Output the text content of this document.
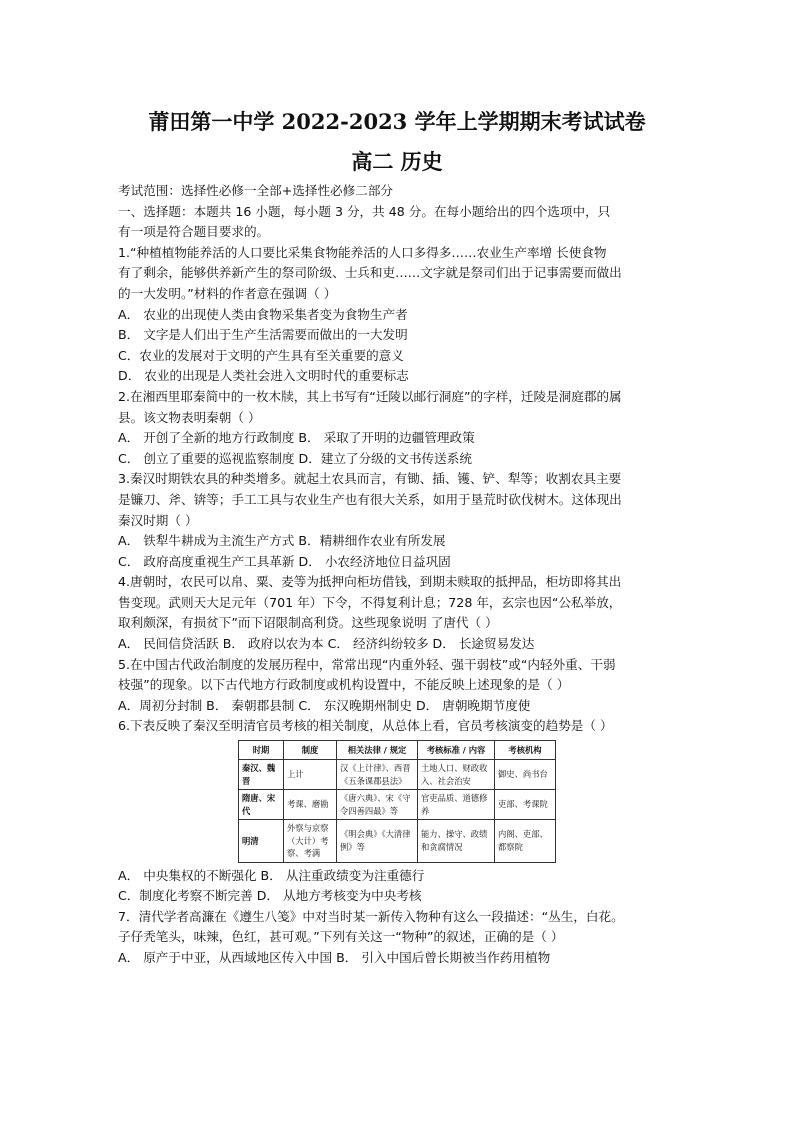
莆田第一中学 2022-2023 学年上学期期末考试试卷
高二 历史

考试范围：选择性必修一全部+选择性必修二部分

一、选择题：本题共 16 小题，每小题 3 分，共 48 分。在每小题给出的四个选项中，只

有一项是符合题目要求的。

1.“种植植物能养活的人口要比采集食物能养活的人口多得多……农业生产率增 长使食物

有了剩余，能够供养新产生的祭司阶级、士兵和吏……文字就是祭司们出于记事需要而做出

的一大发明。”材料的作者意在强调（ ）

A． 农业的出现使人类由食物采集者变为食物生产者

B． 文字是人们出于生产生活需要而做出的一大发明

C．农业的发展对于文明的产生具有至关重要的意义

D． 农业的出现是人类社会进入文明时代的重要标志

2.在湘西里耶秦简中的一枚木牍，其上书写有“迁陵以邮行洞庭”的字样，迁陵是洞庭郡的属

县。该文物表明秦朝（ ）

A． 开创了全新的地方行政制度 B． 采取了开明的边疆管理政策

C． 创立了重要的巡视监察制度 D．建立了分级的文书传送系统

3.秦汉时期铁农具的种类增多。就起土农具而言，有锄、插、镬、铲、犁等；收割农具主要

是镰刀、斧、锛等；手工工具与农业生产也有很大关系，如用于垦荒时砍伐树木。这体现出

秦汉时期（ ）

A． 铁犁牛耕成为主流生产方式 B．精耕细作农业有所发展

C． 政府高度重视生产工具革新 D． 小农经济地位日益巩固

4.唐朝时，农民可以帛、粟、麦等为抵押向柜坊借钱，到期未赎取的抵押品，柜坊即将其出

售变现。武则天大足元年（701 年）下令，不得复利计息；728 年，玄宗也因“公私举放，

取利颇深，有损贫下”而下诏限制高利贷。这些现象说明 了唐代（ ）

A． 民间信贷活跃 B． 政府以农为本 C． 经济纠纷较多 D． 长途贸易发达

5.在中国古代政治制度的发展历程中，常常出现“内重外轻、强干弱枝”或“内轻外重、干弱

枝强”的现象。以下古代地方行政制度或机构设置中，不能反映上述现象的是（ ）

A．周初分封制 B． 秦朝郡县制 C． 东汉晚期州制史 D． 唐朝晚期节度使

6.下表反映了秦汉至明清官员考核的相关制度，从总体上看，官员考核演变的趋势是（ ）

时期	制度	相关法律 / 规定	考核标准 / 内容	考核机构
秦汉、魏晋	上计	汉《上计律》、西晋《五条课郡县法》	土地人口、财政收入、社会治安	御史、尚书台
隋唐、宋代	考课、磨勘	《唐六典》、宋《守令四善四最》等	官吏品质、道德修养	吏部、考课院
明清	外察与京察（大计）考察、考满	《明会典》《大清律例》等	能力、操守、政绩和贪腐情况	内阁、吏部、都察院

A． 中央集权的不断强化 B． 从注重政绩变为注重德行

C．制度化考察不断完善 D． 从地方考核变为中央考核

7．清代学者高濂在《遵生八笺》中对当时某一新传入物种有这么一段描述：“丛生，白花。

子仔秃笔头，味辣，色红，甚可观。”下列有关这一“物种”的叙述，正确的是（ ）

A． 原产于中亚，从西域地区传入中国 B． 引入中国后曾长期被当作药用植物
